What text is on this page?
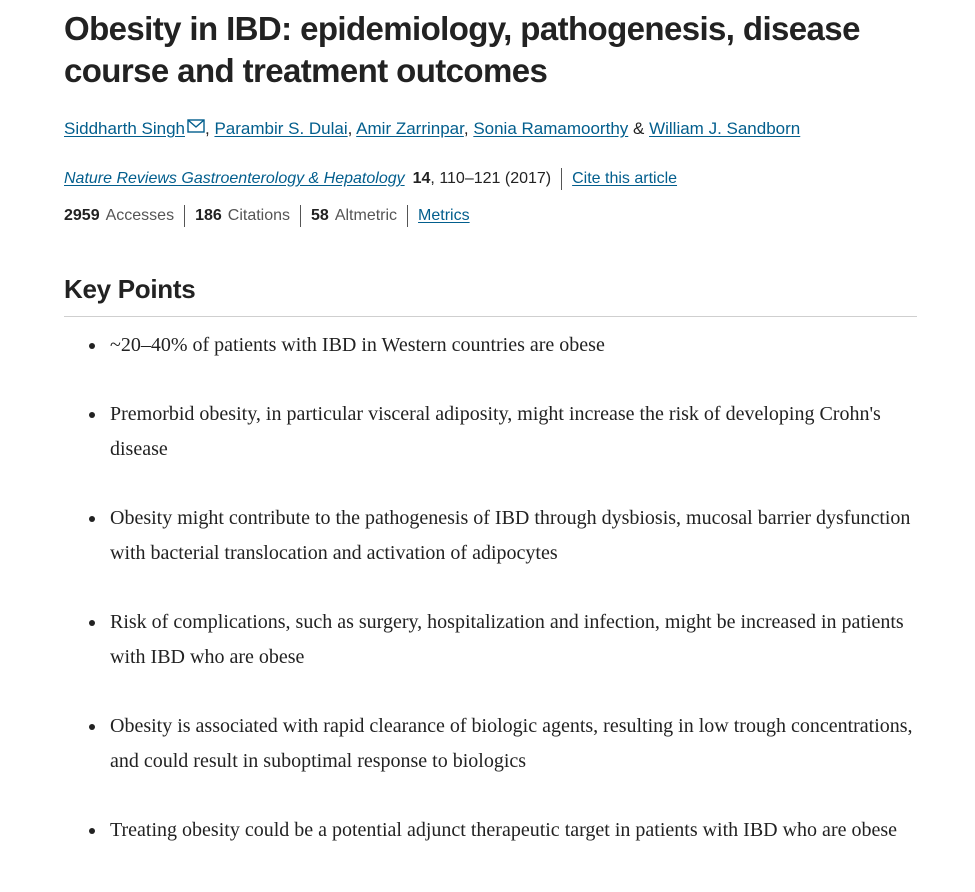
Obesity in IBD: epidemiology, pathogenesis, disease course and treatment outcomes
Siddharth Singh , Parambir S. Dulai, Amir Zarrinpar, Sonia Ramamoorthy & William J. Sandborn
Nature Reviews Gastroenterology & Hepatology 14, 110–121 (2017) Cite this article
2959 Accesses 186 Citations 58 Altmetric Metrics
Key Points
~20–40% of patients with IBD in Western countries are obese
Premorbid obesity, in particular visceral adiposity, might increase the risk of developing Crohn's disease
Obesity might contribute to the pathogenesis of IBD through dysbiosis, mucosal barrier dysfunction with bacterial translocation and activation of adipocytes
Risk of complications, such as surgery, hospitalization and infection, might be increased in patients with IBD who are obese
Obesity is associated with rapid clearance of biologic agents, resulting in low trough concentrations, and could result in suboptimal response to biologics
Treating obesity could be a potential adjunct therapeutic target in patients with IBD who are obese
